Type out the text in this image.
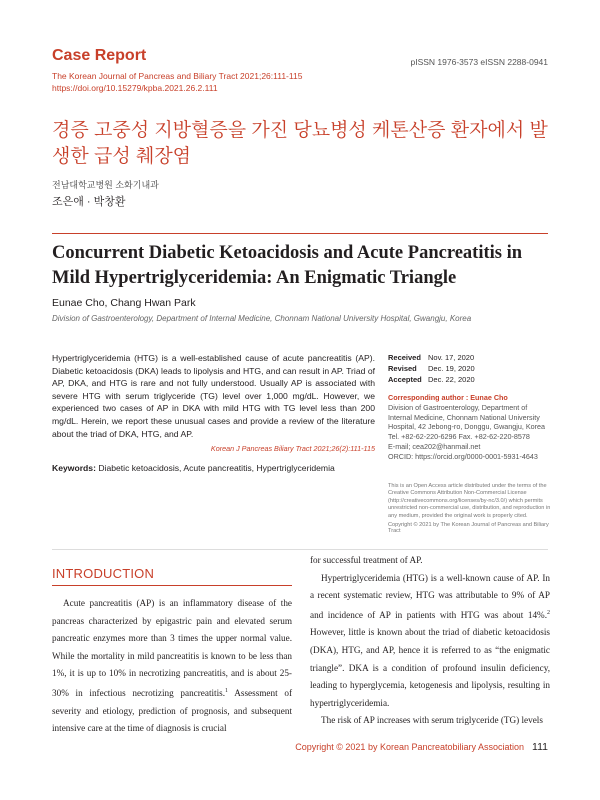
Case Report
The Korean Journal of Pancreas and Biliary Tract 2021;26:111-115
https://doi.org/10.15279/kpba.2021.26.2.111
pISSN 1976-3573 eISSN 2288-0941
경증 고중성 지방혈증을 가진 당뇨병성 케톤산증 환자에서 발생한 급성 췌장염
전남대학교병원 소화기내과
조은애 · 박창환
Concurrent Diabetic Ketoacidosis and Acute Pancreatitis in Mild Hypertriglyceridemia: An Enigmatic Triangle
Eunae Cho, Chang Hwan Park
Division of Gastroenterology, Department of Internal Medicine, Chonnam National University Hospital, Gwangju, Korea
Hypertriglyceridemia (HTG) is a well-established cause of acute pancreatitis (AP). Diabetic ketoacidosis (DKA) leads to lipolysis and HTG, and can result in AP. Triad of AP, DKA, and HTG is rare and not fully understood. Usually AP is associated with severe HTG with serum triglyceride (TG) level over 1,000 mg/dL. However, we experienced two cases of AP in DKA with mild HTG with TG level less than 200 mg/dL. Herein, we report these unusual cases and provide a review of the literature about the triad of DKA, HTG, and AP.
Korean J Pancreas Biliary Tract 2021;26(2):111-115
Keywords: Diabetic ketoacidosis, Acute pancreatitis, Hypertriglyceridemia
Received Nov. 17, 2020
Revised Dec. 19, 2020
Accepted Dec. 22, 2020
Corresponding author : Eunae Cho
Division of Gastroenterology, Department of Internal Medicine, Chonnam National University Hospital, 42 Jebong-ro, Donggu, Gwangju, Korea
Tel. +82-62-220-6296 Fax. +82-62-220-8578
E-mail; cea202@hanmail.net
ORCID: https://orcid.org/0000-0001-5931-4643
This is an Open Access article distributed under the terms of the Creative Commons Attribution Non-Commercial License (http://creativecommons.org/licenses/by-nc/3.0/) which permits unrestricted non-commercial use, distribution, and reproduction in any medium, provided the original work is properly cited.
Copyright © 2021 by The Korean Journal of Pancreas and Biliary Tract
INTRODUCTION

Acute pancreatitis (AP) is an inflammatory disease of the pancreas characterized by epigastric pain and elevated serum pancreatic enzymes more than 3 times the upper normal value. While the mortality in mild pancreatitis is known to be less than 1%, it is up to 10% in necrotizing pancreatitis, and is about 25-30% in infectious necrotizing pancreatitis.$^1$ Assessment of severity and etiology, prediction of prognosis, and subsequent intensive care at the time of diagnosis is crucial

for successful treatment of AP.

Hypertriglyceridemia (HTG) is a well-known cause of AP. In a recent systematic review, HTG was attributable to 9% of AP and incidence of AP in patients with HTG was about 14%.$^2$ However, little is known about the triad of diabetic ketoacidosis (DKA), HTG, and AP, hence it is referred to as “the enigmatic triangle”. DKA is a condition of profound insulin deficiency, leading to hyperglycemia, ketogenesis and lipolysis, resulting in hypertriglyceridemia.

The risk of AP increases with serum triglyceride (TG) levels

Copyright © 2021 by Korean Pancreatobiliary Association 111
